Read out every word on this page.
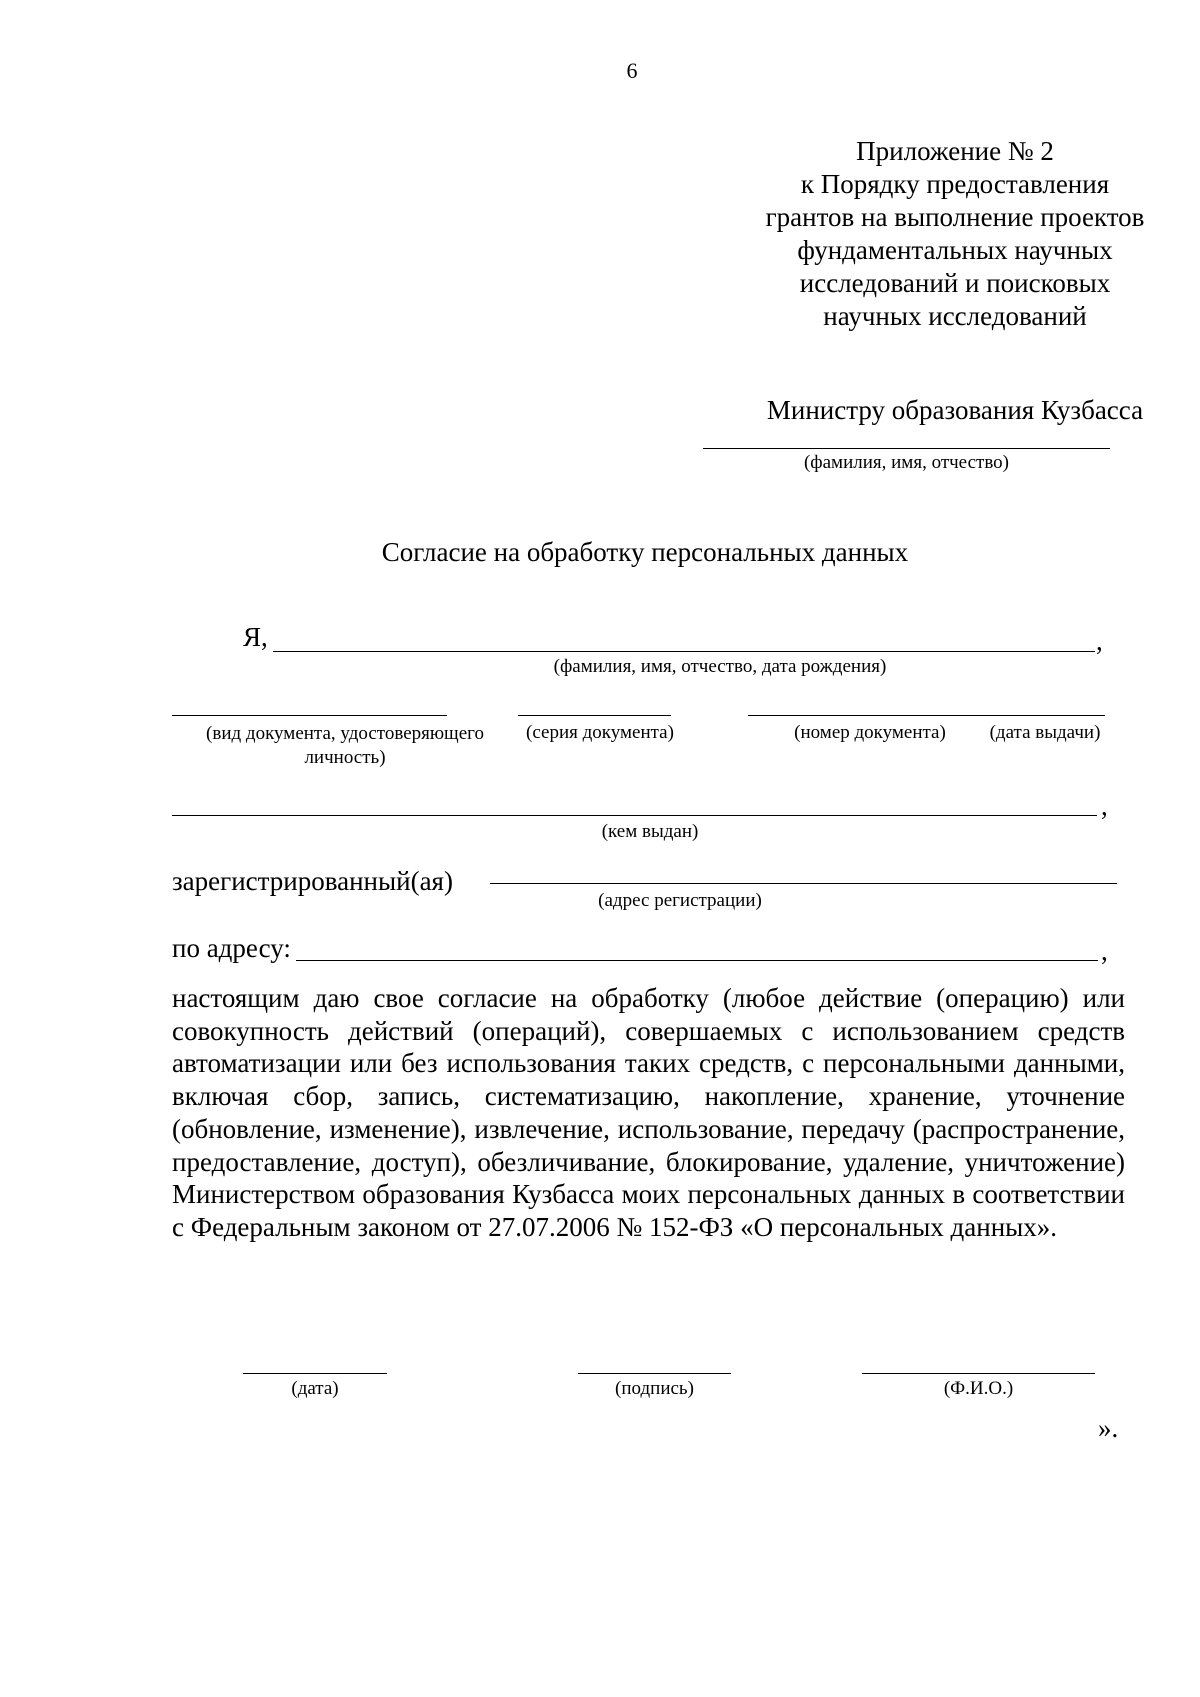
6
Приложение № 2
к Порядку предоставления
грантов на выполнение проектов
фундаментальных научных
исследований и поисковых
научных исследований
Министру образования Кузбасса
(фамилия, имя, отчество)
Согласие на обработку персональных данных
Я,	,
(фамилия, имя, отчество, дата рождения)
(вид документа, удостоверяющего личность)
(серия документа)	(номер документа)	(дата выдачи)
,
(кем выдан)
зарегистрированный(ая)
(адрес регистрации)
по адресу:	,

настоящим даю свое согласие на обработку (любое действие (операцию) или совокупность действий (операций), совершаемых с использованием средств автоматизации или без использования таких средств, с персональными данными, включая сбор, запись, систематизацию, накопление, хранение, уточнение (обновление, изменение), извлечение, использование, передачу (распространение, предоставление, доступ), обезличивание, блокирование, удаление, уничтожение) Министерством образования Кузбасса моих персональных данных в соответствии с Федеральным законом от 27.07.2006 № 152-ФЗ «О персональных данных».

(дата)	(подпись)	(Ф.И.О.)
».
